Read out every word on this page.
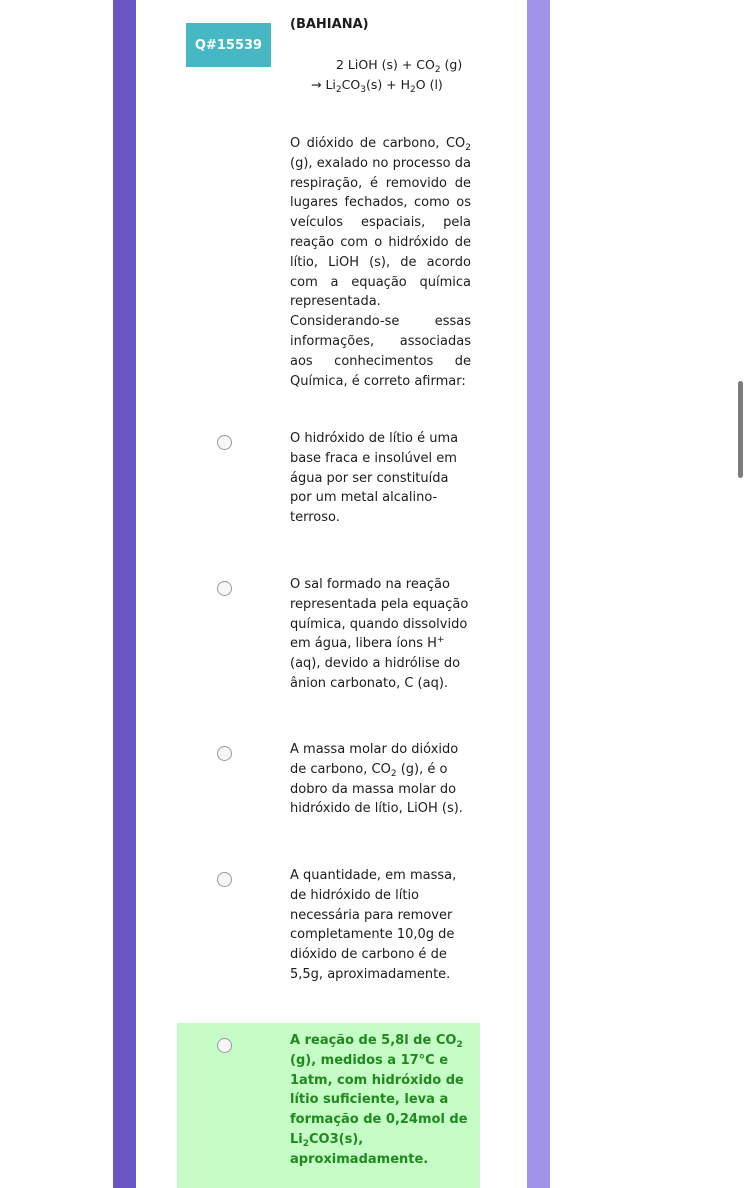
Q#15539
(BAHIANA)
2 LiOH $(s) + CO_2$ (g)
→ $Li_2CO_3(s) + H_2O$ (l)

O dióxido de carbono, $CO_2$ (g), exalado no processo da respiração, é removido de lugares fechados, como os veículos espaciais, pela reação com o hidróxido de lítio, LiOH (s), de acordo com a equação química representada.

Considerando-se essas informações, associadas aos conhecimentos de Química, é correto afirmar:

O hidróxido de lítio é uma base fraca e insolúvel em água por ser constituída por um metal alcalino-terroso.
O sal formado na reação representada pela equação química, quando dissolvido em água, libera íons H+(aq), devido a hidrólise do ânion carbonato, C (aq).
A massa molar do dióxido de carbono, $CO_2$ (g), é o dobro da massa molar do hidróxido de lítio, LiOH (s).
A quantidade, em massa, de hidróxido de lítio necessária para remover completamente 10,0g de dióxido de carbono é de 5,5g, aproximadamente.
A reação de 5,8l de $CO_2$ (g), medidos a 17°C e 1atm, com hidróxido de lítio suficiente, leva a formação de 0,24mol de $Li_2CO3(s)$, aproximadamente.
